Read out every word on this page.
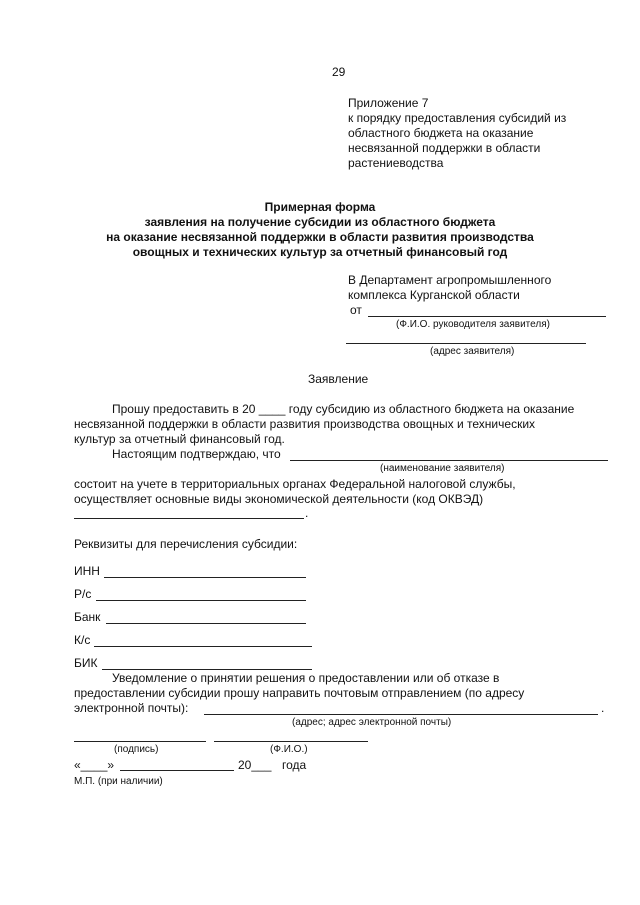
29
Приложение 7
к порядку предоставления субсидий из
областного бюджета на оказание
несвязанной поддержки в области
растениеводства
Примерная форма
заявления на получение субсидии из областного бюджета
на оказание несвязанной поддержки в области развития производства
овощных и технических культур за отчетный финансовый год
В Департамент агропромышленного
комплекса Курганской области
от
(Ф.И.О. руководителя заявителя)
(адрес заявителя)
Заявление
Прошу предоставить в 20 ____ году субсидию из областного бюджета на оказание
несвязанной поддержки в области развития производства овощных и технических
культур за отчетный финансовый год.
Настоящим подтверждаю, что
(наименование заявителя)
состоит на учете в территориальных органах Федеральной налоговой службы,
осуществляет основные виды экономической деятельности (код ОКВЭД)
.
Реквизиты для перечисления субсидии:
ИНН
Р/с
Банк
К/с
БИК
Уведомление о принятии решения о предоставлении или об отказе в
предоставлении субсидии прошу направить почтовым отправлением (по адресу
электронной почты):	.
(адрес; адрес электронной почты)
(подпись)	(Ф.И.О.)
«____»	20___ года
М.П. (при наличии)
